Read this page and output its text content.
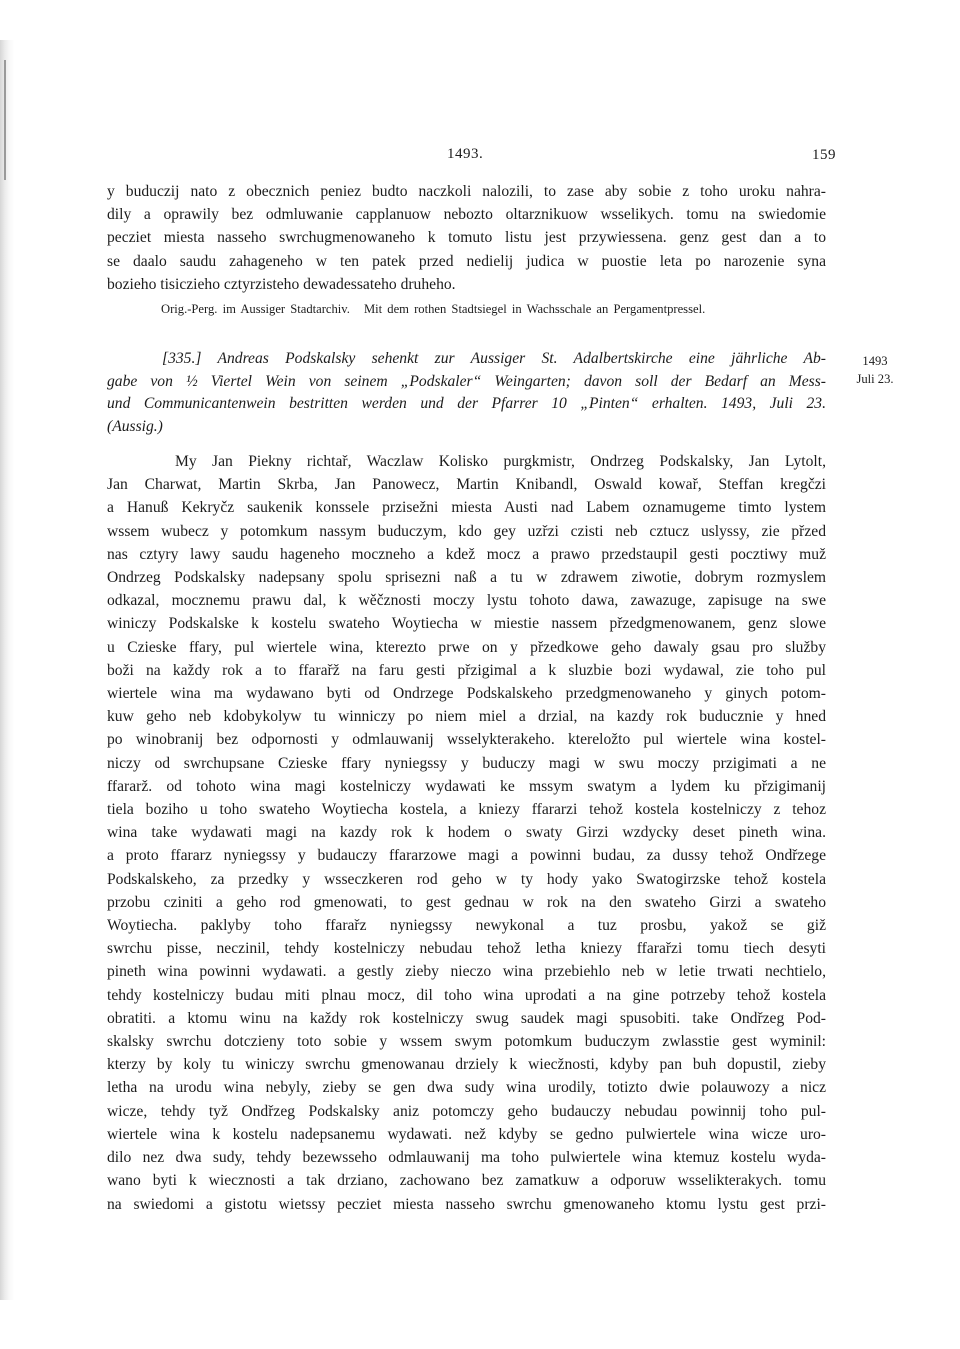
1493.	159
y buduczij nato z obecznich peniez budto naczkoli nalozili, to zase aby sobie z toho uroku nahra-
dily a oprawily bez odmluwanie capplanuow nebozto oltarznikuow wsselikych. tomu na swiedomie
pecziet miesta nasseho swrchugmenowaneho k tomuto listu jest przywiessena. genz gest dan a to
se daalo saudu zahageneho w ten patek przed nedielij judica w puostie leta po narozenie syna
bozieho tisiczieho cztyrzisteho dewadessateho druheho.
Orig.-Perg. im Aussiger Stadtarchiv. Mit dem rothen Stadtsiegel in Wachsschale an Pergamentpressel.
[335.] Andreas Podskalsky sehenkt zur Aussiger St. Adalbertskirche eine jährliche Ab-
gabe von ½ Viertel Wein von seinem „Podskaler“ Weingarten; davon soll der Bedarf an Mess-
und Communicantenwein bestritten werden und der Pfarrer 10 „Pinten“ erhalten. 1493, Juli 23.
(Aussig.)
1493
Juli 23.
My Jan Piekny richtař, Waczlaw Kolisko purgkmistr, Ondrzeg Podskalsky, Jan Lytolt,
Jan Charwat, Martin Skrba, Jan Panowecz, Martin Knibandl, Oswald kowař, Steffan kregčzi
a Hanuß Kekryčz saukenik konssele przisežni miesta Austi nad Labem oznamugeme timto lystem
wssem wubecz y potomkum nassym buduczym, kdo gey uzřzi czisti neb cztucz uslyssy, zie přzed
nas cztyry lawy saudu hageneho moczneho a kdež mocz a prawo przedstaupil gesti pocztiwy muž
Ondrzeg Podskalsky nadepsany spolu sprisezni naß a tu w zdrawem ziwotie, dobrym rozmyslem
odkazal, mocznemu prawu dal, k wěčznosti moczy lystu tohoto dawa, zawazuge, zapisuge na swe
winiczy Podskalske k kostelu swateho Woytiecha w miestie nassem přzedgmenowanem, genz slowe
u Czieske ffary, pul wiertele wina, kterezto prwe on y přzedkowe geho dawaly gsau pro služby
boži na každy rok a to ffarařž na faru gesti přzigimal a k sluzbie bozi wydawal, zie toho pul
wiertele wina ma wydawano byti od Ondrzege Podskalskeho przedgmenowaneho y ginych potom-
kuw geho neb kdobykolyw tu winniczy po niem miel a drzial, na kazdy rok buducznie y hned
po winobranij bez odpornosti y odmlauwanij wsselykterakeho. ktereložto pul wiertele wina kostel-
niczy od swrchupsane Czieske ffary nyniegssy y buduczy magi w swu moczy przigimati a ne
ffararž. od tohoto wina magi kostelniczy wydawati ke mssym swatym a lydem ku přzigimanij
tiela boziho u toho swateho Woytiecha kostela, a kniezy ffararzi tehož kostela kostelniczy z tehoz
wina take wydawati magi na kazdy rok k hodem o swaty Girzi wzdycky deset pineth wina.
a proto ffararz nyniegssy y budauczy ffararzowe magi a powinni budau, za dussy tehož Ondřzege
Podskalskeho, za przedky y wsseczkeren rod geho w ty hody yako Swatogirzske tehož kostela
przobu cziniti a geho rod gmenowati, to gest gednau w rok na den swateho Girzi a swateho
Woytiecha. paklyby toho ffarařz nyniegssy newykonal a tuz prosbu, yakož se giž
swrchu pisse, neczinil, tehdy kostelniczy nebudau tehož letha kniezy ffarařzi tomu tiech desyti
pineth wina powinni wydawati. a gestly zieby nieczo wina przebiehlo neb w letie trwati nechtielo,
tehdy kostelniczy budau miti plnau mocz, dil toho wina uprodati a na gine potrzeby tehož kostela
obratiti. a ktomu winu na každy rok kostelniczy swug saudek magi spusobiti. take Ondřzeg Pod-
skalsky swrchu dotczieny toto sobie y wssem swym potomkum buduczym zwlasstie gest wyminil:
kterzy by koly tu winiczy swrchu gmenowanau drziely k wiecžnosti, kdyby pan buh dopustil, zieby
letha na urodu wina nebyly, zieby se gen dwa sudy wina urodily, totizto dwie polauwozy a nicz
wicze, tehdy tyž Ondřzeg Podskalsky aniz potomczy geho budauczy nebudau powinnij toho pul-
wiertele wina k kostelu nadepsanemu wydawati. než kdyby se gedno pulwiertele wina wicze uro-
dilo nez dwa sudy, tehdy bezewsseho odmlauwanij ma toho pulwiertele wina ktemuz kostelu wyda-
wano byti k wiecznosti a tak drziano, zachowano bez zamatkuw a odporuw wsselikterakych. tomu
na swiedomi a gistotu wietssy pecziet miesta nasseho swrchu gmenowaneho ktomu lystu gest przi-
